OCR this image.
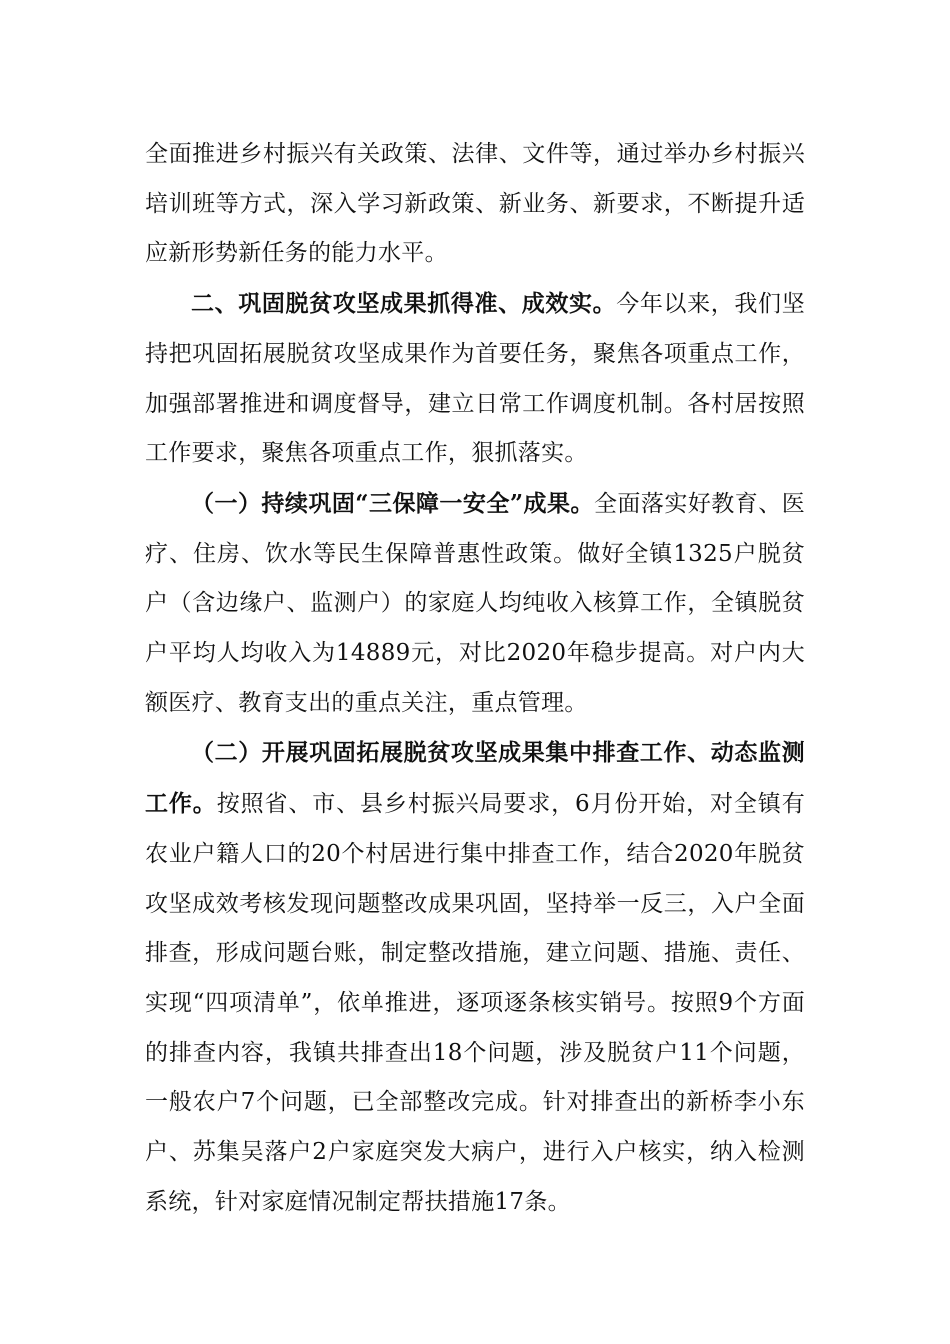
全面推进乡村振兴有关政策、法律、文件等，通过举办乡村振兴培训班等方式，深入学习新政策、新业务、新要求，不断提升适应新形势新任务的能力水平。

二、巩固脱贫攻坚成果抓得准、成效实。今年以来，我们坚持把巩固拓展脱贫攻坚成果作为首要任务，聚焦各项重点工作，加强部署推进和调度督导，建立日常工作调度机制。各村居按照工作要求，聚焦各项重点工作，狠抓落实。

（一）持续巩固“三保障一安全”成果。全面落实好教育、医疗、住房、饮水等民生保障普惠性政策。做好全镇1325户脱贫户（含边缘户、监测户）的家庭人均纯收入核算工作，全镇脱贫户平均人均收入为14889元，对比2020年稳步提高。对户内大额医疗、教育支出的重点关注，重点管理。

（二）开展巩固拓展脱贫攻坚成果集中排查工作、动态监测工作。按照省、市、县乡村振兴局要求，6月份开始，对全镇有农业户籍人口的20个村居进行集中排查工作，结合2020年脱贫攻坚成效考核发现问题整改成果巩固，坚持举一反三，入户全面排查，形成问题台账，制定整改措施，建立问题、措施、责任、实现“四项清单”，依单推进，逐项逐条核实销号。按照9个方面的排查内容，我镇共排查出18个问题，涉及脱贫户11个问题，一般农户7个问题，已全部整改完成。针对排查出的新桥李小东户、苏集吴落户2户家庭突发大病户，进行入户核实，纳入检测系统，针对家庭情况制定帮扶措施17条。
